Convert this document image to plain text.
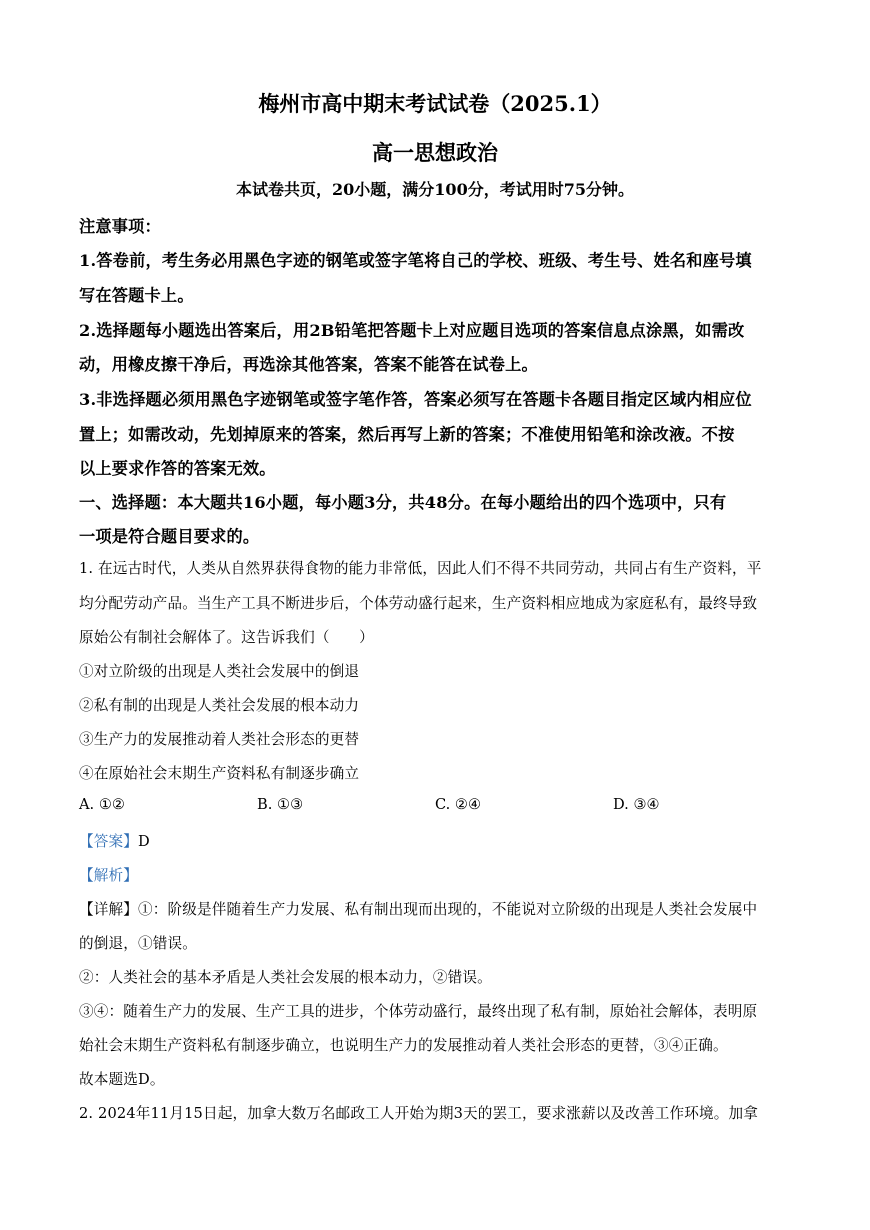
梅州市高中期末考试试卷（2025.1）
高一思想政治
本试卷共页，20小题，满分100分，考试用时75分钟。
注意事项：
1.答卷前，考生务必用黑色字迹的钢笔或签字笔将自己的学校、班级、考生号、姓名和座号填
写在答题卡上。
2.选择题每小题选出答案后，用2B铅笔把答题卡上对应题目选项的答案信息点涂黑，如需改
动，用橡皮擦干净后，再选涂其他答案，答案不能答在试卷上。
3.非选择题必须用黑色字迹钢笔或签字笔作答，答案必须写在答题卡各题目指定区域内相应位
置上；如需改动，先划掉原来的答案，然后再写上新的答案；不准使用铅笔和涂改液。不按
以上要求作答的答案无效。
一、选择题：本大题共16小题，每小题3分，共48分。在每小题给出的四个选项中，只有
一项是符合题目要求的。
1. 在远古时代，人类从自然界获得食物的能力非常低，因此人们不得不共同劳动，共同占有生产资料，平
均分配劳动产品。当生产工具不断进步后，个体劳动盛行起来，生产资料相应地成为家庭私有，最终导致
原始公有制社会解体了。这告诉我们（　　）
①对立阶级的出现是人类社会发展中的倒退
②私有制的出现是人类社会发展的根本动力
③生产力的发展推动着人类社会形态的更替
④在原始社会末期生产资料私有制逐步确立
A. ①②	B. ①③	C. ②④	D. ③④
【答案】D
【解析】
【详解】①：阶级是伴随着生产力发展、私有制出现而出现的，不能说对立阶级的出现是人类社会发展中
的倒退，①错误。
②：人类社会的基本矛盾是人类社会发展的根本动力，②错误。
③④：随着生产力的发展、生产工具的进步，个体劳动盛行，最终出现了私有制，原始社会解体，表明原
始社会末期生产资料私有制逐步确立，也说明生产力的发展推动着人类社会形态的更替，③④正确。
故本题选D。
2. 2024年11月15日起，加拿大数万名邮政工人开始为期3天的罢工，要求涨薪以及改善工作环境。加拿
